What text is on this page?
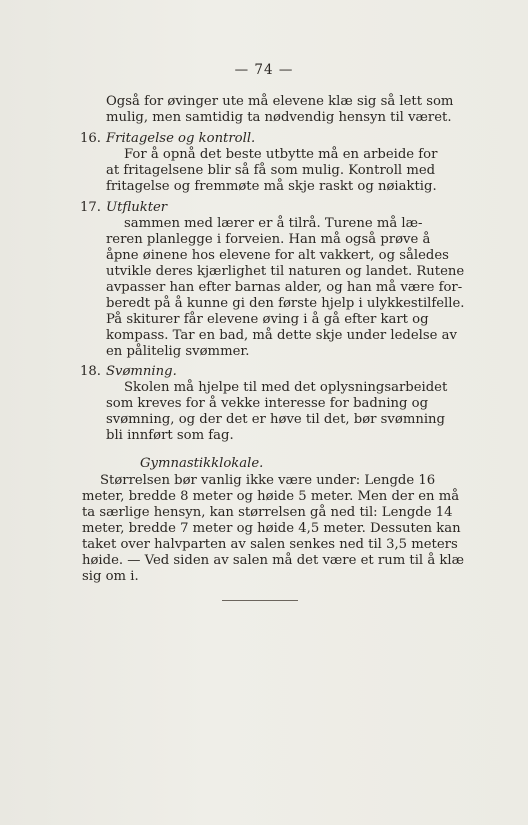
— 74 —
Også for øvinger ute må elevene klæ sig så lett som
mulig, men samtidig ta nødvendig hensyn til været.
16. Fritagelse og kontroll.
For å opnå det beste utbytte må en arbeide for
at fritagelsene blir så få som mulig. Kontroll med
fritagelse og fremmøte må skje raskt og nøiaktig.
17. Utflukter
sammen med lærer er å tilrå. Turene må læ-
reren planlegge i forveien. Han må også prøve å
åpne øinene hos elevene for alt vakkert, og således
utvikle deres kjærlighet til naturen og landet. Rutene
avpasser han efter barnas alder, og han må være for-
beredt på å kunne gi den første hjelp i ulykkestilfelle.
På skiturer får elevene øving i å gå efter kart og
kompass. Tar en bad, må dette skje under ledelse av
en pålitelig svømmer.
18. Svømning.
Skolen må hjelpe til med det oplysningsarbeidet
som kreves for å vekke interesse for badning og
svømning, og der det er høve til det, bør svømning
bli innført som fag.
Gymnastikklokale.
Størrelsen bør vanlig ikke være under: Lengde 16
meter, bredde 8 meter og høide 5 meter. Men der en må
ta særlige hensyn, kan størrelsen gå ned til: Lengde 14
meter, bredde 7 meter og høide 4,5 meter. Dessuten kan
taket over halvparten av salen senkes ned til 3,5 meters
høide. — Ved siden av salen må det være et rum til å klæ
sig om i.
